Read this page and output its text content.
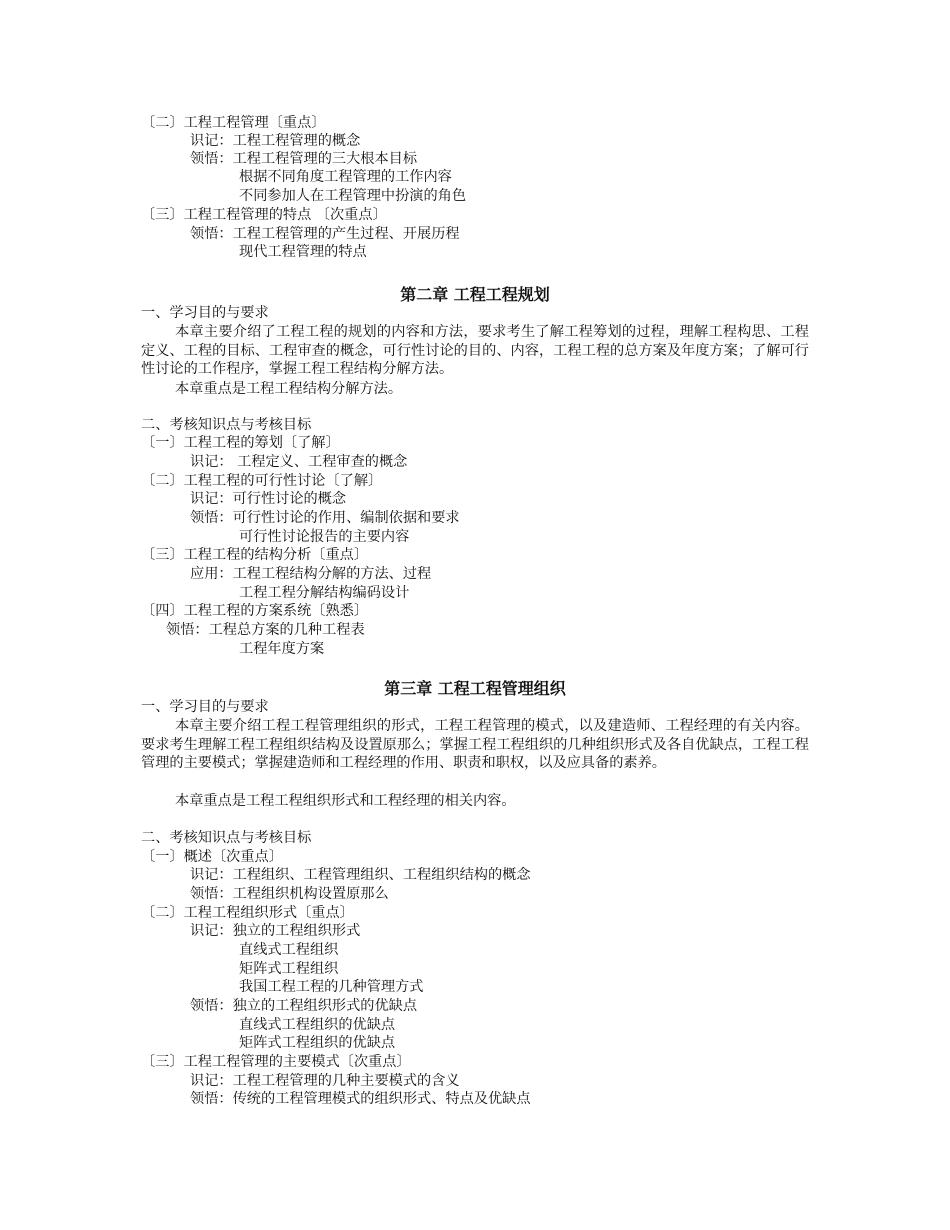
〔二〕工程工程管理〔重点〕
识记：工程工程管理的概念
领悟：工程工程管理的三大根本目标
根据不同角度工程管理的工作内容
不同参加人在工程管理中扮演的角色
〔三〕工程工程管理的特点 〔次重点〕
领悟：工程工程管理的产生过程、开展历程
现代工程管理的特点
第二章 工程工程规划
一、学习目的与要求
本章主要介绍了工程工程的规划的内容和方法，要求考生了解工程筹划的过程，理解工程构思、工程定义、工程的目标、工程审查的概念，可行性讨论的目的、内容，工程工程的总方案及年度方案；了解可行性讨论的工作程序，掌握工程工程结构分解方法。
本章重点是工程工程结构分解方法。
二、考核知识点与考核目标
〔一〕工程工程的筹划〔了解〕
识记： 工程定义、工程审查的概念
〔二〕工程工程的可行性讨论〔了解〕
识记：可行性讨论的概念
领悟：可行性讨论的作用、编制依据和要求
可行性讨论报告的主要内容
〔三〕工程工程的结构分析〔重点〕
应用：工程工程结构分解的方法、过程
工程工程分解结构编码设计
〔四〕工程工程的方案系统〔熟悉〕
领悟：工程总方案的几种工程表
工程年度方案
第三章 工程工程管理组织
一、学习目的与要求
本章主要介绍工程工程管理组织的形式，工程工程管理的模式，以及建造师、工程经理的有关内容。要求考生理解工程工程组织结构及设置原那么；掌握工程工程组织的几种组织形式及各自优缺点，工程工程管理的主要模式；掌握建造师和工程经理的作用、职责和职权，以及应具备的素养。
本章重点是工程工程组织形式和工程经理的相关内容。
二、考核知识点与考核目标
〔一〕概述〔次重点〕
识记：工程组织、工程管理组织、工程组织结构的概念
领悟：工程组织机构设置原那么
〔二〕工程工程组织形式〔重点〕
识记：独立的工程组织形式
直线式工程组织
矩阵式工程组织
我国工程工程的几种管理方式
领悟：独立的工程组织形式的优缺点
直线式工程组织的优缺点
矩阵式工程组织的优缺点
〔三〕工程工程管理的主要模式〔次重点〕
识记：工程工程管理的几种主要模式的含义
领悟：传统的工程管理模式的组织形式、特点及优缺点
